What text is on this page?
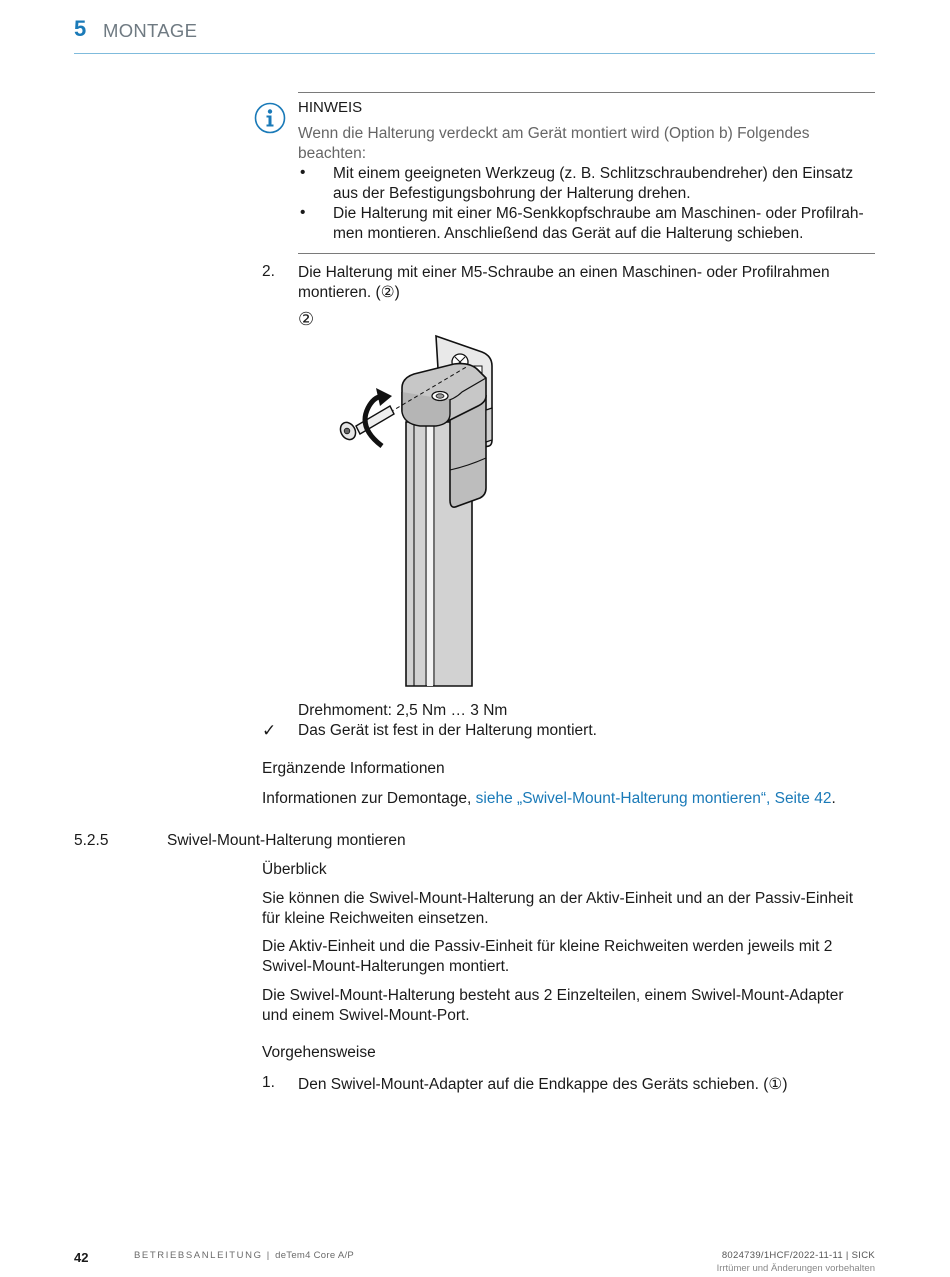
5 MONTAGE
HINWEIS
Wenn die Halterung verdeckt am Gerät montiert wird (Option b) Folgendes
beachten:
• Mit einem geeigneten Werkzeug (z. B. Schlitzschraubendreher) den Einsatz
aus der Befestigungsbohrung der Halterung drehen.
• Die Halterung mit einer M6-Senkkopfschraube am Maschinen- oder Profilrah-
men montieren. Anschließend das Gerät auf die Halterung schieben.
2. Die Halterung mit einer M5-Schraube an einen Maschinen- oder Profilrahmen
montieren. (②)
②
Drehmoment: 2,5 Nm … 3 Nm
✓ Das Gerät ist fest in der Halterung montiert.
Ergänzende Informationen
Informationen zur Demontage, siehe „Swivel-Mount-Halterung montieren“, Seite 42.
5.2.5	Swivel-Mount-Halterung montieren
Überblick
Sie können die Swivel-Mount-Halterung an der Aktiv-Einheit und an der Passiv-Einheit
für kleine Reichweiten einsetzen.
Die Aktiv-Einheit und die Passiv-Einheit für kleine Reichweiten werden jeweils mit 2
Swivel-Mount-Halterungen montiert.
Die Swivel-Mount-Halterung besteht aus 2 Einzelteilen, einem Swivel-Mount-Adapter
und einem Swivel-Mount-Port.
Vorgehensweise
1. Den Swivel-Mount-Adapter auf die Endkappe des Geräts schieben. (①)
42	BETRIEBSANLEITUNG | deTem4 Core A/P	8024739/1HCF/2022-11-11 | SICK
Irrtümer und Änderungen vorbehalten
